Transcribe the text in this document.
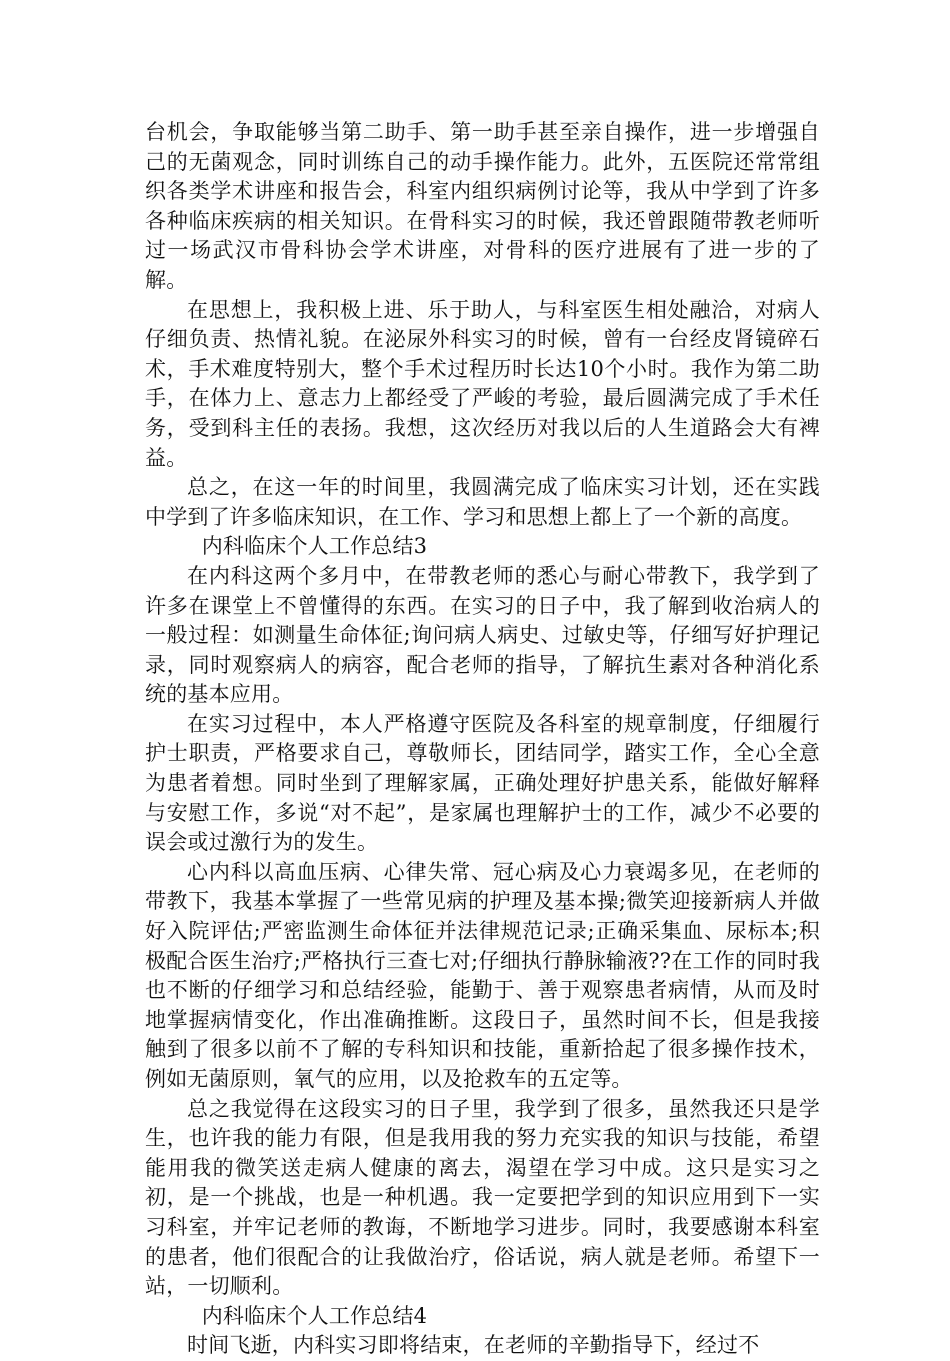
台机会，争取能够当第二助手、第一助手甚至亲自操作，进一步增强自己的无菌观念，同时训练自己的动手操作能力。此外，五医院还常常组织各类学术讲座和报告会，科室内组织病例讨论等，我从中学到了许多各种临床疾病的相关知识。在骨科实习的时候，我还曾跟随带教老师听过一场武汉市骨科协会学术讲座，对骨科的医疗进展有了进一步的了解。

在思想上，我积极上进、乐于助人，与科室医生相处融洽，对病人仔细负责、热情礼貌。在泌尿外科实习的时候，曾有一台经皮肾镜碎石术，手术难度特别大，整个手术过程历时长达10个小时。我作为第二助手，在体力上、意志力上都经受了严峻的考验，最后圆满完成了手术任务，受到科主任的表扬。我想，这次经历对我以后的人生道路会大有裨益。

总之，在这一年的时间里，我圆满完成了临床实习计划，还在实践中学到了许多临床知识，在工作、学习和思想上都上了一个新的高度。

内科临床个人工作总结3

在内科这两个多月中，在带教老师的悉心与耐心带教下，我学到了许多在课堂上不曾懂得的东西。在实习的日子中，我了解到收治病人的一般过程：如测量生命体征;询问病人病史、过敏史等，仔细写好护理记录，同时观察病人的病容，配合老师的指导，了解抗生素对各种消化系统的基本应用。

在实习过程中，本人严格遵守医院及各科室的规章制度，仔细履行护士职责，严格要求自己，尊敬师长，团结同学，踏实工作，全心全意为患者着想。同时坐到了理解家属，正确处理好护患关系，能做好解释与安慰工作，多说“对不起”，是家属也理解护士的工作，减少不必要的误会或过激行为的发生。

心内科以高血压病、心律失常、冠心病及心力衰竭多见，在老师的带教下，我基本掌握了一些常见病的护理及基本操;微笑迎接新病人并做好入院评估;严密监测生命体征并法律规范记录;正确采集血、尿标本;积极配合医生治疗;严格执行三查七对;仔细执行静脉输液??在工作的同时我也不断的仔细学习和总结经验，能勤于、善于观察患者病情，从而及时地掌握病情变化，作出准确推断。这段日子，虽然时间不长，但是我接触到了很多以前不了解的专科知识和技能，重新拾起了很多操作技术，例如无菌原则，氧气的应用，以及抢救车的五定等。

总之我觉得在这段实习的日子里，我学到了很多，虽然我还只是学生，也许我的能力有限，但是我用我的努力充实我的知识与技能，希望能用我的微笑送走病人健康的离去，渴望在学习中成。这只是实习之初，是一个挑战，也是一种机遇。我一定要把学到的知识应用到下一实习科室，并牢记老师的教诲，不断地学习进步。同时，我要感谢本科室的患者，他们很配合的让我做治疗，俗话说，病人就是老师。希望下一站，一切顺利。

内科临床个人工作总结4

时间飞逝，内科实习即将结束，在老师的辛勤指导下，经过不
